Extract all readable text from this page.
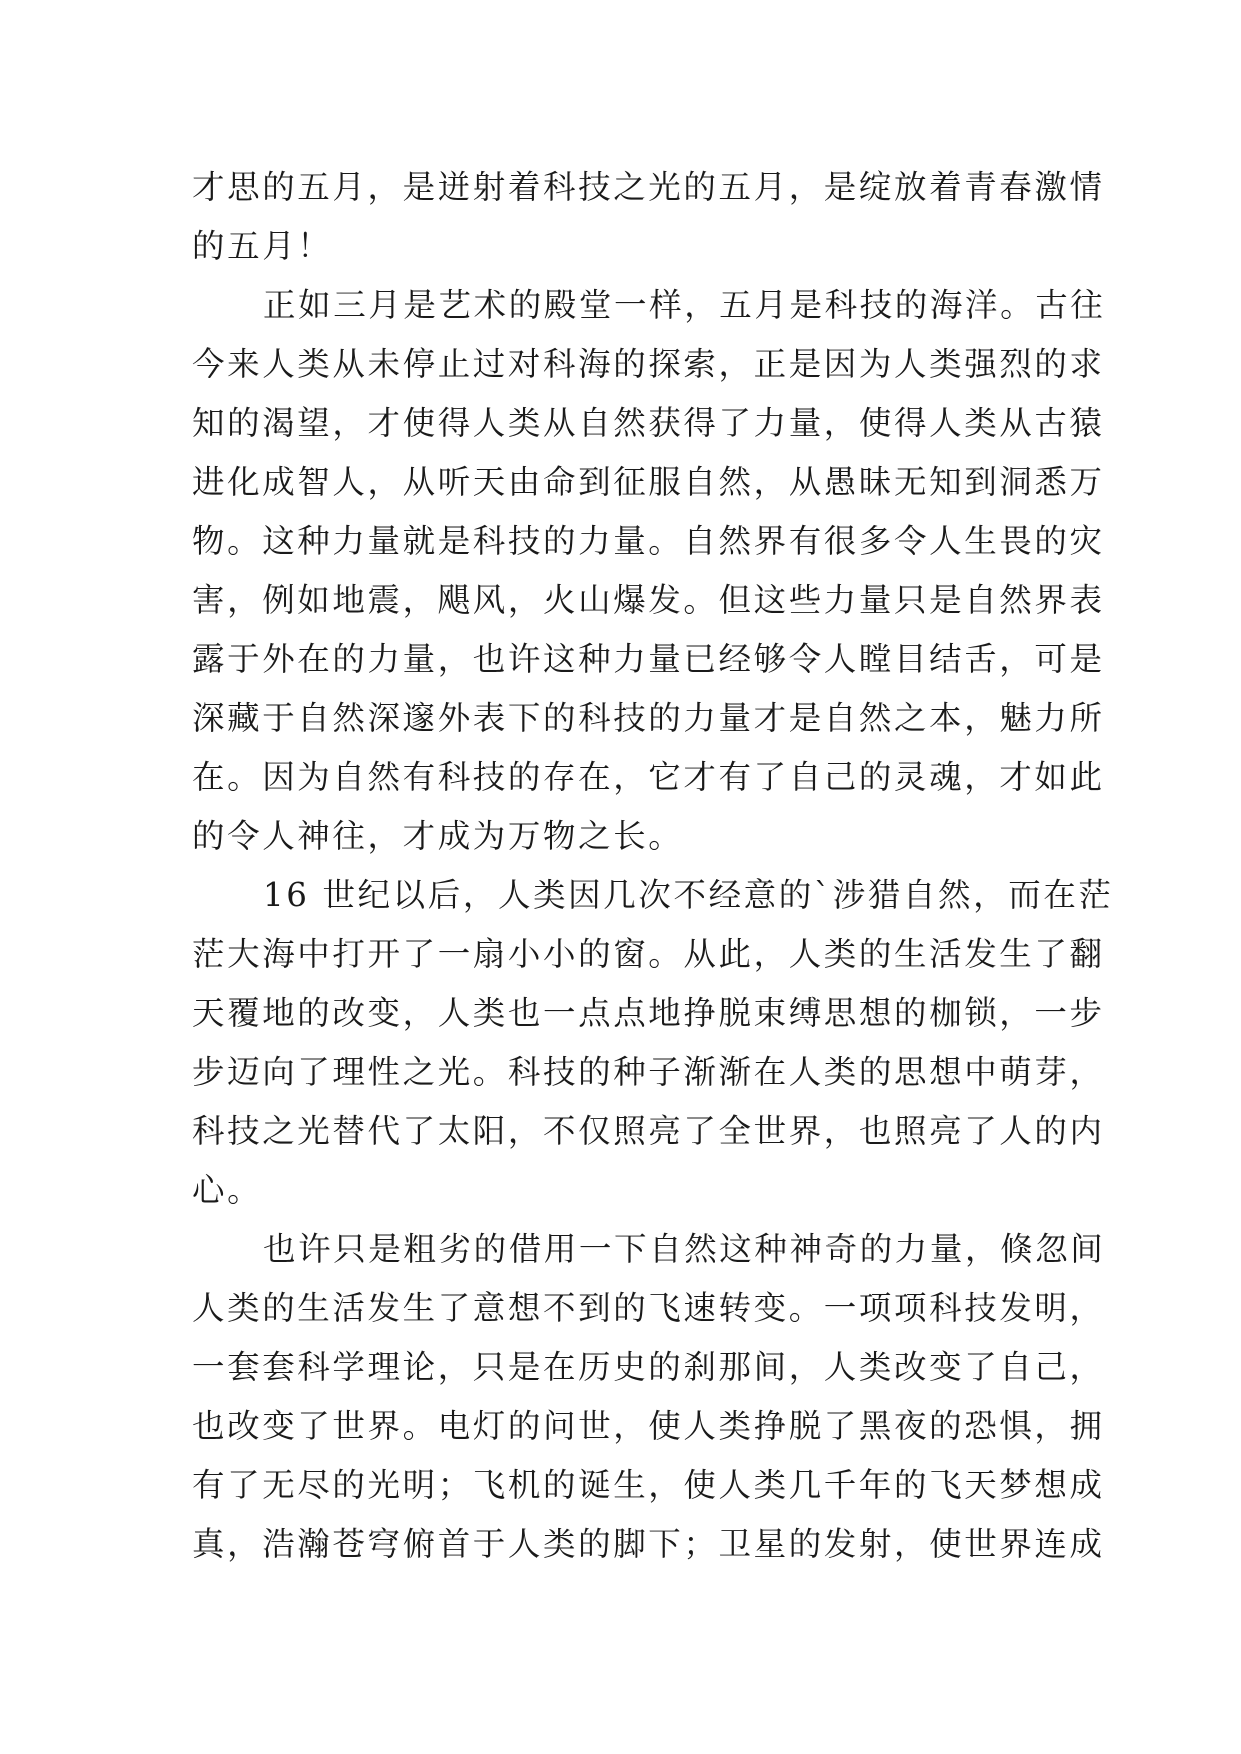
才思的五月，是迸射着科技之光的五月，是绽放着青春激情
的五月！

正如三月是艺术的殿堂一样，五月是科技的海洋。古往
今来人类从未停止过对科海的探索，正是因为人类强烈的求
知的渴望，才使得人类从自然获得了力量，使得人类从古猿
进化成智人，从听天由命到征服自然，从愚昧无知到洞悉万
物。这种力量就是科技的力量。自然界有很多令人生畏的灾
害，例如地震，飓风，火山爆发。但这些力量只是自然界表
露于外在的力量，也许这种力量已经够令人瞠目结舌，可是
深藏于自然深邃外表下的科技的力量才是自然之本，魅力所
在。因为自然有科技的存在，它才有了自己的灵魂，才如此
的令人神往，才成为万物之长。

16 世纪以后，人类因几次不经意的`涉猎自然，而在茫
茫大海中打开了一扇小小的窗。从此，人类的生活发生了翻
天覆地的改变，人类也一点点地挣脱束缚思想的枷锁，一步
步迈向了理性之光。科技的种子渐渐在人类的思想中萌芽，
科技之光替代了太阳，不仅照亮了全世界，也照亮了人的内
心。

也许只是粗劣的借用一下自然这种神奇的力量，倏忽间
人类的生活发生了意想不到的飞速转变。一项项科技发明，
一套套科学理论，只是在历史的刹那间，人类改变了自己，
也改变了世界。电灯的问世，使人类挣脱了黑夜的恐惧，拥
有了无尽的光明；飞机的诞生，使人类几千年的飞天梦想成
真，浩瀚苍穹俯首于人类的脚下；卫星的发射，使世界连成
